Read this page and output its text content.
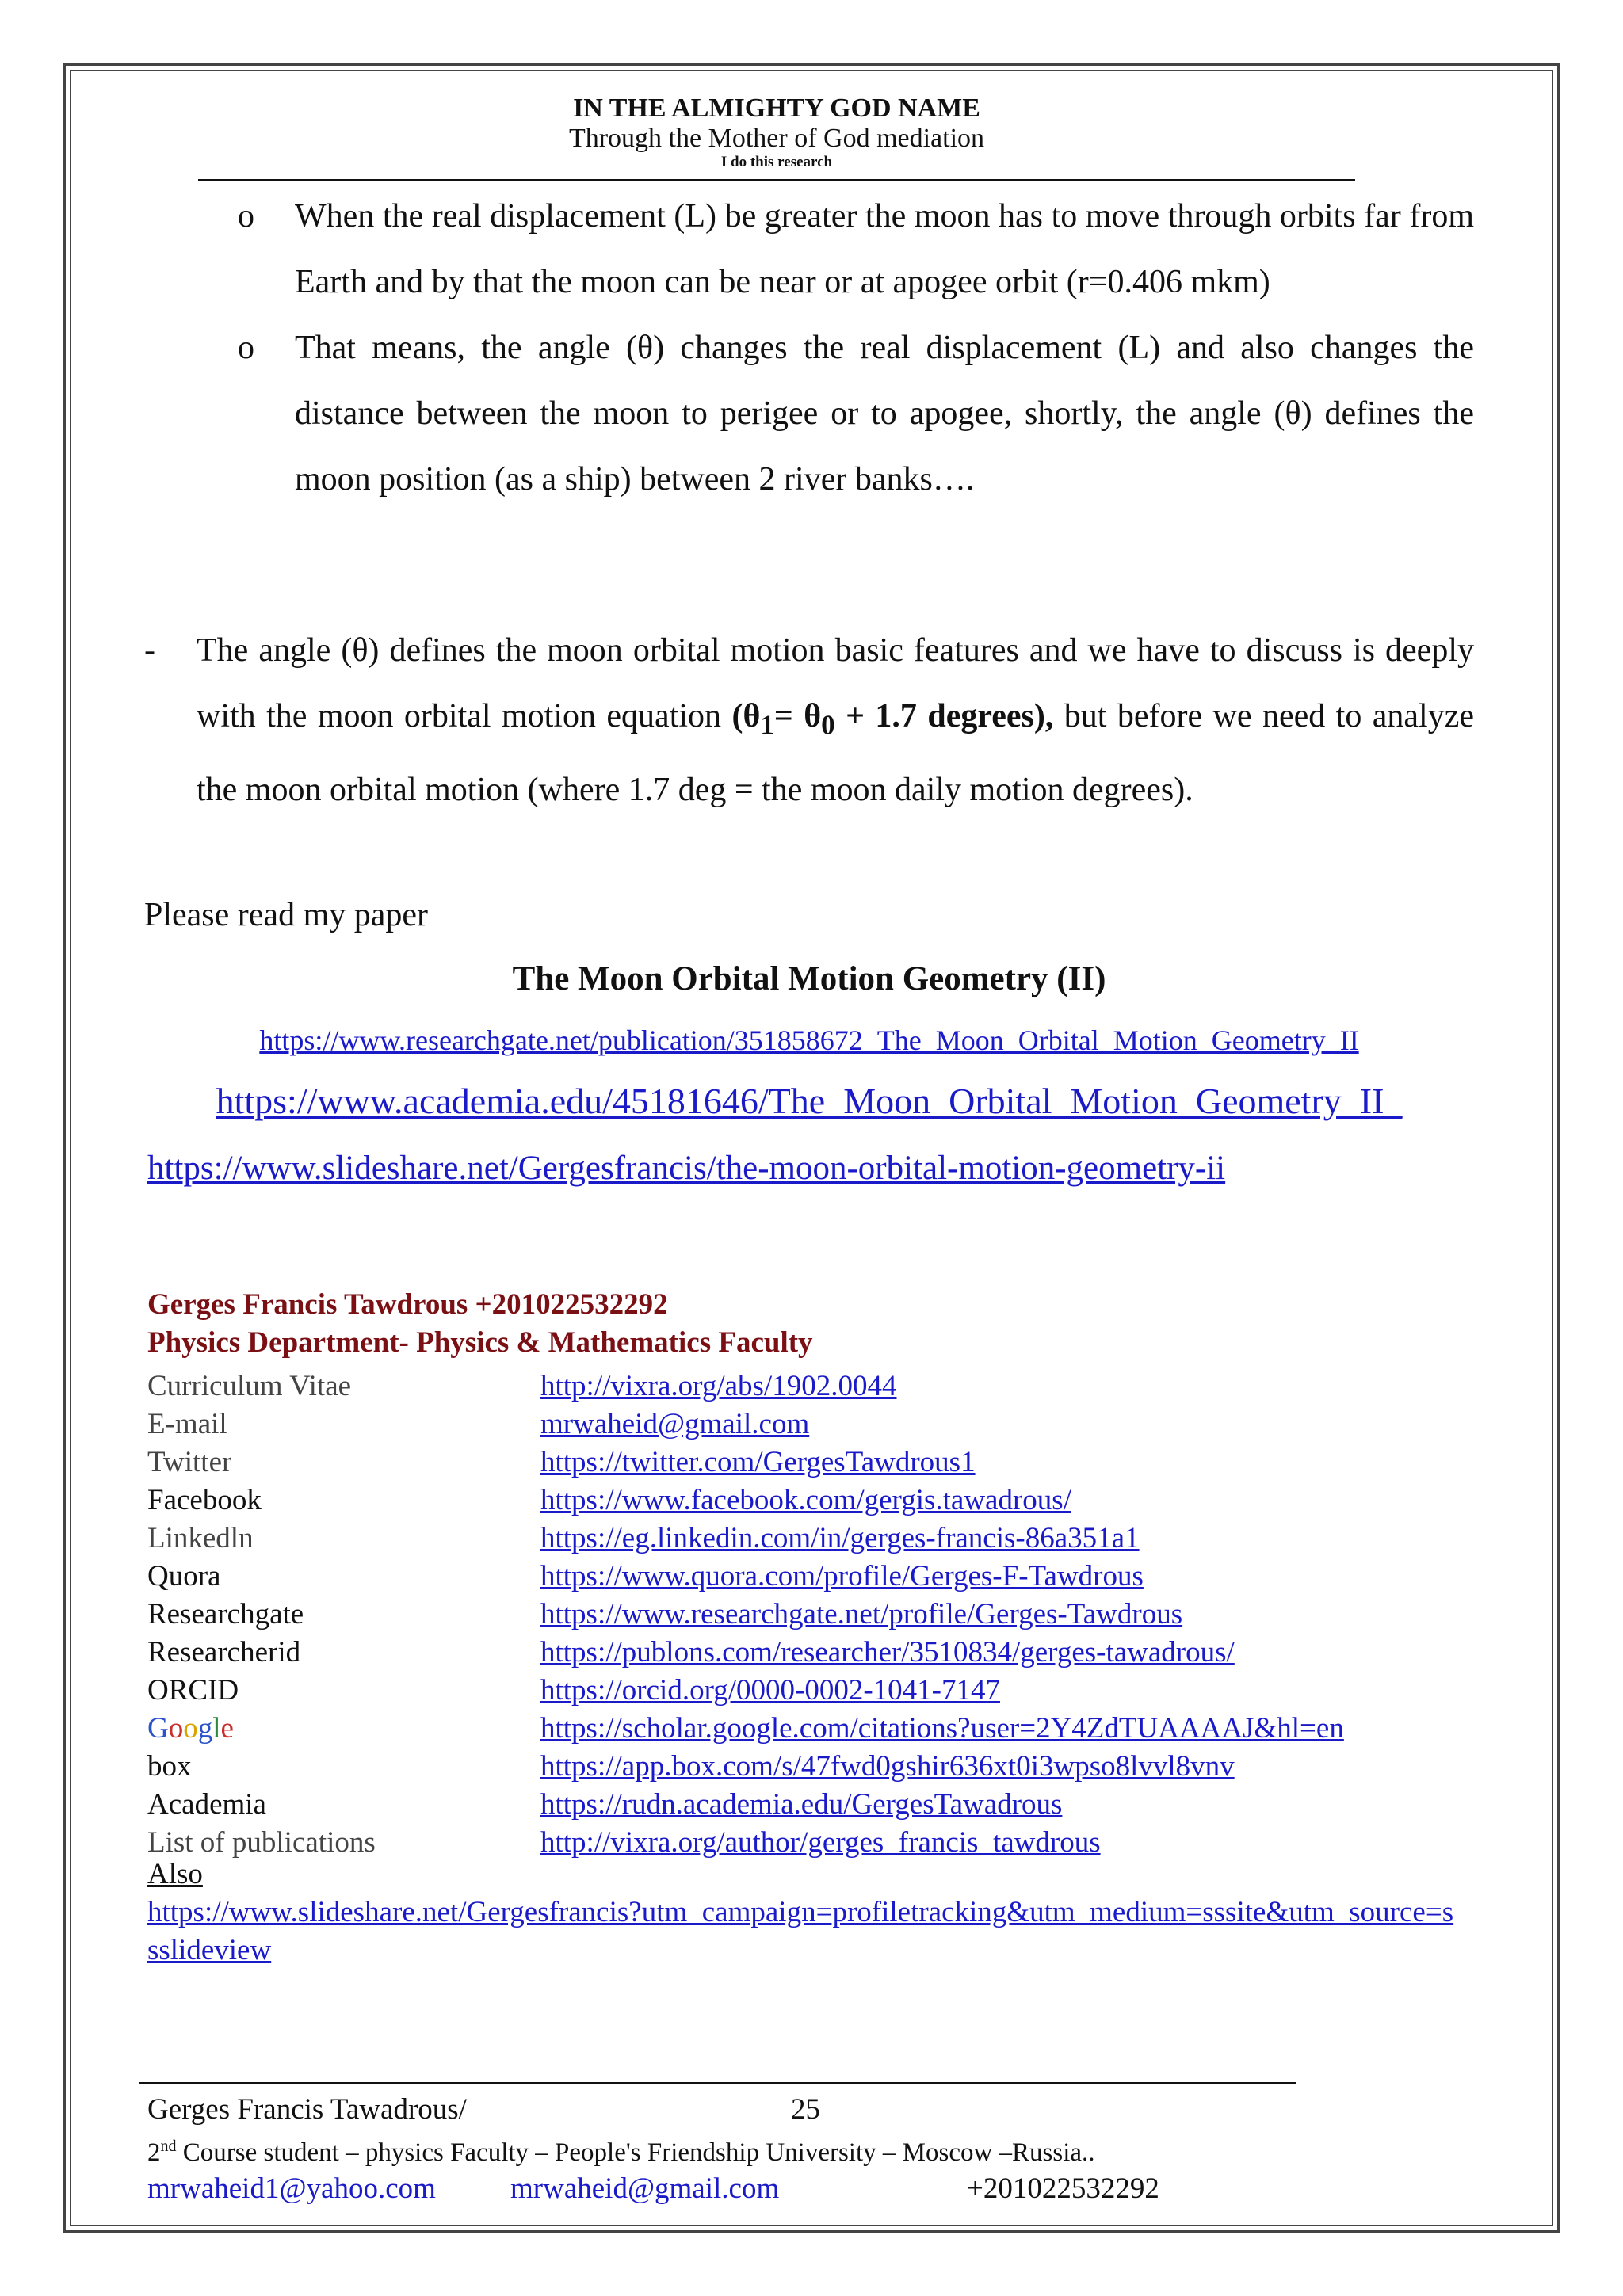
IN THE ALMIGHTY GOD NAME
Through the Mother of God mediation
I do this research
o When the real displacement (L) be greater the moon has to move through orbits far from Earth and by that the moon can be near or at apogee orbit (r=0.406 mkm)
o That means, the angle (θ) changes the real displacement (L) and also changes the distance between the moon to perigee or to apogee, shortly, the angle (θ) defines the moon position (as a ship) between 2 river banks….
-	The angle (θ) defines the moon orbital motion basic features and we have to discuss is deeply with the moon orbital motion equation ($\theta_1= \theta_0 + 1.7$ degrees), but before we need to analyze the moon orbital motion (where 1.7 deg = the moon daily motion degrees).
Please read my paper
The Moon Orbital Motion Geometry (II)
https://www.researchgate.net/publication/351858672_The_Moon_Orbital_Motion_Geometry_II
https://www.academia.edu/45181646/The_Moon_Orbital_Motion_Geometry_II_
https://www.slideshare.net/Gergesfrancis/the-moon-orbital-motion-geometry-ii
Gerges Francis Tawdrous +201022532292
Physics Department- Physics & Mathematics Faculty
Curriculum Vitae	http://vixra.org/abs/1902.0044
E-mail	mrwaheid@gmail.com
Twitter	https://twitter.com/GergesTawdrous1
Facebook	https://www.facebook.com/gergis.tawadrous/
Linkedln	https://eg.linkedin.com/in/gerges-francis-86a351a1
Quora	https://www.quora.com/profile/Gerges-F-Tawdrous
Researchgate	https://www.researchgate.net/profile/Gerges-Tawdrous
Researcherid	https://publons.com/researcher/3510834/gerges-tawadrous/
ORCID	https://orcid.org/0000-0002-1041-7147
Google	https://scholar.google.com/citations?user=2Y4ZdTUAAAAJ&hl=en
box	https://app.box.com/s/47fwd0gshir636xt0i3wpso8lvvl8vnv
Academia	https://rudn.academia.edu/GergesTawadrous
List of publications	http://vixra.org/author/gerges_francis_tawdrous
Also
https://www.slideshare.net/Gergesfrancis?utm_campaign=profiletracking&utm_medium=sssite&utm_source=ssslideview
Gerges Francis Tawadrous/	25
2nd Course student – physics Faculty – People's Friendship University – Moscow –Russia..
mrwaheid1@yahoo.com	mrwaheid@gmail.com	+201022532292
